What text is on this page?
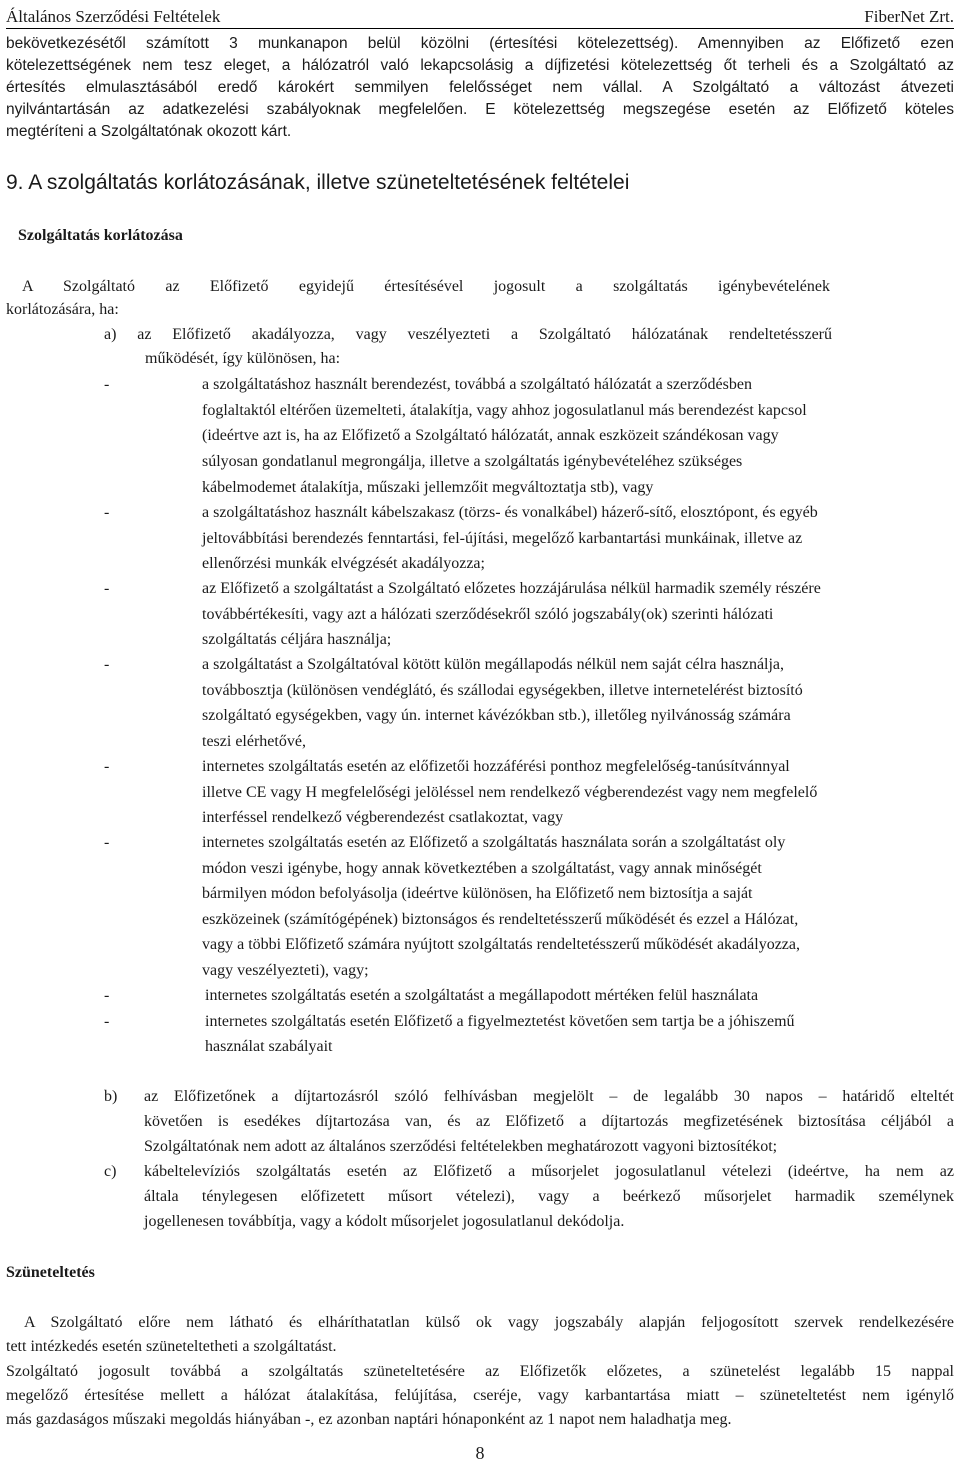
Általános Szerződési Feltételek	FiberNet Zrt.
bekövetkezésétől számított 3 munkanapon belül közölni (értesítési kötelezettség). Amennyiben az Előfizető ezen
kötelezettségének nem tesz eleget, a hálózatról való lekapcsolásig a díjfizetési kötelezettség őt terheli és a Szolgáltató az
értesítés elmulasztásából eredő károkért semmilyen felelősséget nem vállal. A Szolgáltató a változást átvezeti
nyilvántartásán az adatkezelési szabályoknak megfelelően. E kötelezettség megszegése esetén az Előfizető köteles
megtéríteni a Szolgáltatónak okozott kárt.
9. A szolgáltatás korlátozásának, illetve szüneteltetésének feltételei
Szolgáltatás korlátozása
A Szolgáltató az Előfizető egyidejű értesítésével jogosult a szolgáltatás igénybevételének
korlátozására, ha:
a) az Előfizető akadályozza, vagy veszélyezteti a Szolgáltató hálózatának rendeltetésszerű
működését, így különösen, ha:
-	a szolgáltatáshoz használt berendezést, továbbá a szolgáltató hálózatát a szerződésben
foglaltaktól eltérően üzemelteti, átalakítja, vagy ahhoz jogosulatlanul más berendezést kapcsol
(ideértve azt is, ha az Előfizető a Szolgáltató hálózatát, annak eszközeit szándékosan vagy
súlyosan gondatlanul megrongálja, illetve a szolgáltatás igénybevételéhez szükséges
kábelmodemet átalakítja, műszaki jellemzőit megváltoztatja stb), vagy
-	a szolgáltatáshoz használt kábelszakasz (törzs- és vonalkábel) házerő-sítő, elosztópont, és egyéb
jeltovábbítási berendezés fenntartási, fel-újítási, megelőző karbantartási munkáinak, illetve az
ellenőrzési munkák elvégzését akadályozza;
-	az Előfizető a szolgáltatást a Szolgáltató előzetes hozzájárulása nélkül harmadik személy részére
továbbértékesíti, vagy azt a hálózati szerződésekről szóló jogszabály(ok) szerinti hálózati
szolgáltatás céljára használja;
-	a szolgáltatást a Szolgáltatóval kötött külön megállapodás nélkül nem saját célra használja,
továbbosztja (különösen vendéglátó, és szállodai egységekben, illetve internetelérést biztosító
szolgáltató egységekben, vagy ún. internet kávézókban stb.), illetőleg nyilvánosság számára
teszi elérhetővé,
-	internetes szolgáltatás esetén az előfizetői hozzáférési ponthoz megfelelőség-tanúsítvánnyal
illetve CE vagy H megfelelőségi jelöléssel nem rendelkező végberendezést vagy nem megfelelő
interféssel rendelkező végberendezést csatlakoztat, vagy
-	internetes szolgáltatás esetén az Előfizető a szolgáltatás használata során a szolgáltatást oly
módon veszi igénybe, hogy annak következtében a szolgáltatást, vagy annak minőségét
bármilyen módon befolyásolja (ideértve különösen, ha Előfizető nem biztosítja a saját
eszközeinek (számítógépének) biztonságos és rendeltetésszerű működését és ezzel a Hálózat,
vagy a többi Előfizető számára nyújtott szolgáltatás rendeltetésszerű működését akadályozza,
vagy veszélyezteti), vagy;
-	internetes szolgáltatás esetén a szolgáltatást a megállapodott mértéken felül használata
-	internetes szolgáltatás esetén Előfizető a figyelmeztetést követően sem tartja be a jóhiszemű
használat szabályait
b) az Előfizetőnek a díjtartozásról szóló felhívásban megjelölt – de legalább 30 napos – határidő elteltét
követően is esedékes díjtartozása van, és az Előfizető a díjtartozás megfizetésének biztosítása céljából a
Szolgáltatónak nem adott az általános szerződési feltételekben meghatározott vagyoni biztosítékot;
c) kábeltelevíziós szolgáltatás esetén az Előfizető a műsorjelet jogosulatlanul vételezi (ideértve, ha nem az
általa ténylegesen előfizetett műsort vételezi), vagy a beérkező műsorjelet harmadik személynek
jogellenesen továbbítja, vagy a kódolt műsorjelet jogosulatlanul dekódolja.
Szüneteltetés
A Szolgáltató előre nem látható és elháríthatatlan külső ok vagy jogszabály alapján feljogosított szervek rendelkezésére
tett intézkedés esetén szüneteltetheti a szolgáltatást.
Szolgáltató jogosult továbbá a szolgáltatás szüneteltetésére az Előfizetők előzetes, a szünetelést legalább 15 nappal
megelőző értesítése mellett a hálózat átalakítása, felújítása, cseréje, vagy karbantartása miatt – szüneteltetést nem igénylő
más gazdaságos műszaki megoldás hiányában -, ez azonban naptári hónaponként az 1 napot nem haladhatja meg.
8
